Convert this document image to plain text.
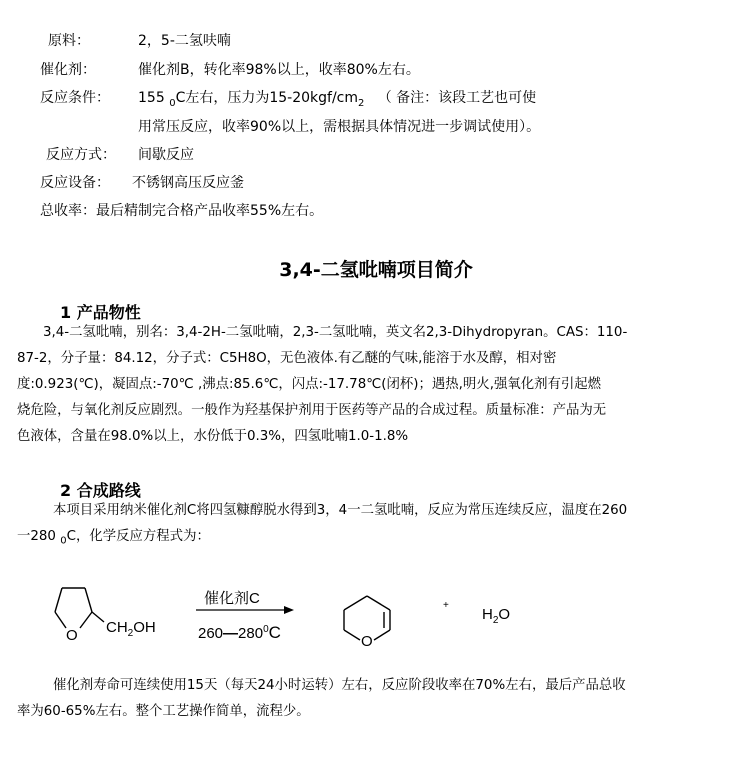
原料：	2，5-二氢呋喃
催化剂：	催化剂B，转化率98%以上，收率80%左右。
反应条件： 155 $_0$C左右，压力为$15-20kgf/cm_2$ （ 备注：该段工艺也可使
用常压反应，收率90%以上，需根据具体情况进一步调试使用）。
反应方式： 间歇反应
反应设备： 不锈钢高压反应釜
总收率： 最后精制完合格产品收率55%左右。
3,4-二氢吡喃项目简介
1 产品物性
3,4-二氢吡喃，别名：3,4-2H-二氢吡喃，2,3-二氢吡喃，英文名2,3-Dihydropyran。CAS：110-
87-2，分子量：84.12，分子式：C5H8O，无色液体.有乙醚的气味,能溶于水及醇，相对密
度:0.923(℃)，凝固点:-70℃ ,沸点:85.6℃，闪点:-17.78℃(闭杯)；遇热,明火,强氧化剂有引起燃
烧危险，与氧化剂反应剧烈。一般作为羟基保护剂用于医药等产品的合成过程。质量标准：产品为无
色液体，含量在98.0%以上，水份低于0.3%，四氢吡喃1.0-1.8%
2 合成路线
本项目采用纳米催化剂C将四氢糠醇脱水得到3，4一二氢吡喃，反应为常压连续反应，温度在260
一280 $_0$C，化学反应方程式为：
O $CH_2OH$
催化剂C
$260—280^0C$	O
+
$H_2O$
催化剂寿命可连续使用15天（每天24小时运转）左右，反应阶段收率在70%左右，最后产品总收
率为60-65%左右。整个工艺操作简单，流程少。
